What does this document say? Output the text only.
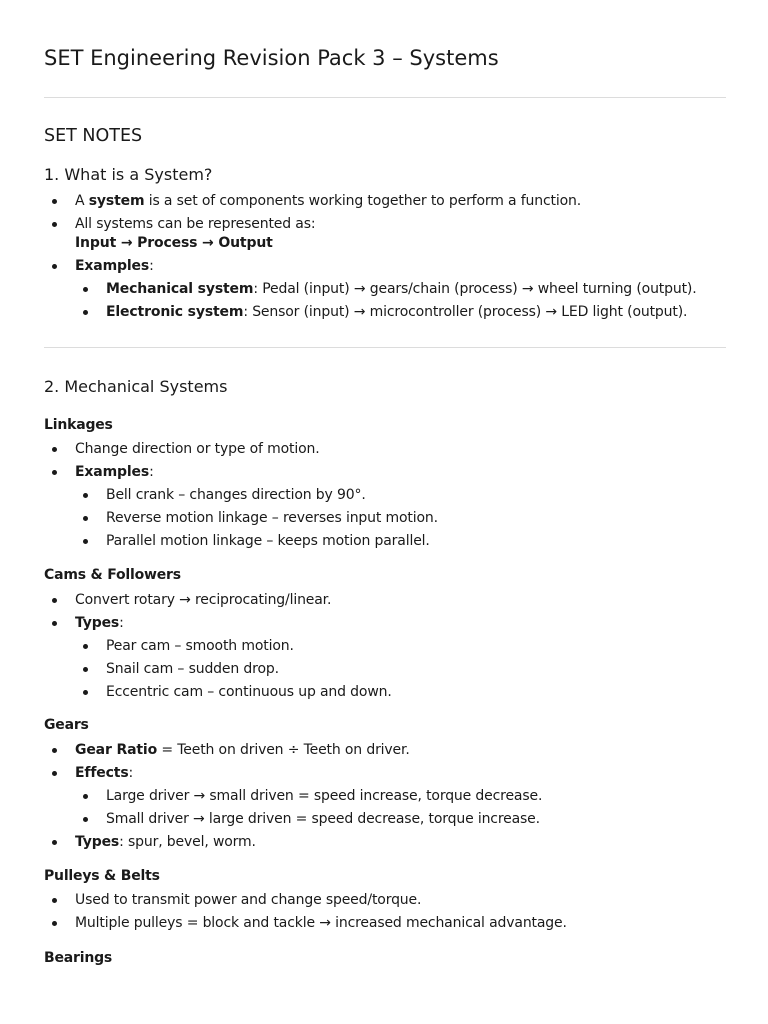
SET Engineering Revision Pack 3 – Systems
SET NOTES
1. What is a System?
A system is a set of components working together to perform a function.
All systems can be represented as:
Input → Process → Output
Examples:
Mechanical system: Pedal (input) → gears/chain (process) → wheel turning (output).
Electronic system: Sensor (input) → microcontroller (process) → LED light (output).
2. Mechanical Systems
Linkages
Change direction or type of motion.
Examples:
Bell crank – changes direction by 90°.
Reverse motion linkage – reverses input motion.
Parallel motion linkage – keeps motion parallel.
Cams & Followers
Convert rotary → reciprocating/linear.
Types:
Pear cam – smooth motion.
Snail cam – sudden drop.
Eccentric cam – continuous up and down.
Gears
Gear Ratio = Teeth on driven ÷ Teeth on driver.
Effects:
Large driver → small driven = speed increase, torque decrease.
Small driver → large driven = speed decrease, torque increase.
Types: spur, bevel, worm.
Pulleys & Belts
Used to transmit power and change speed/torque.
Multiple pulleys = block and tackle → increased mechanical advantage.
Bearings
